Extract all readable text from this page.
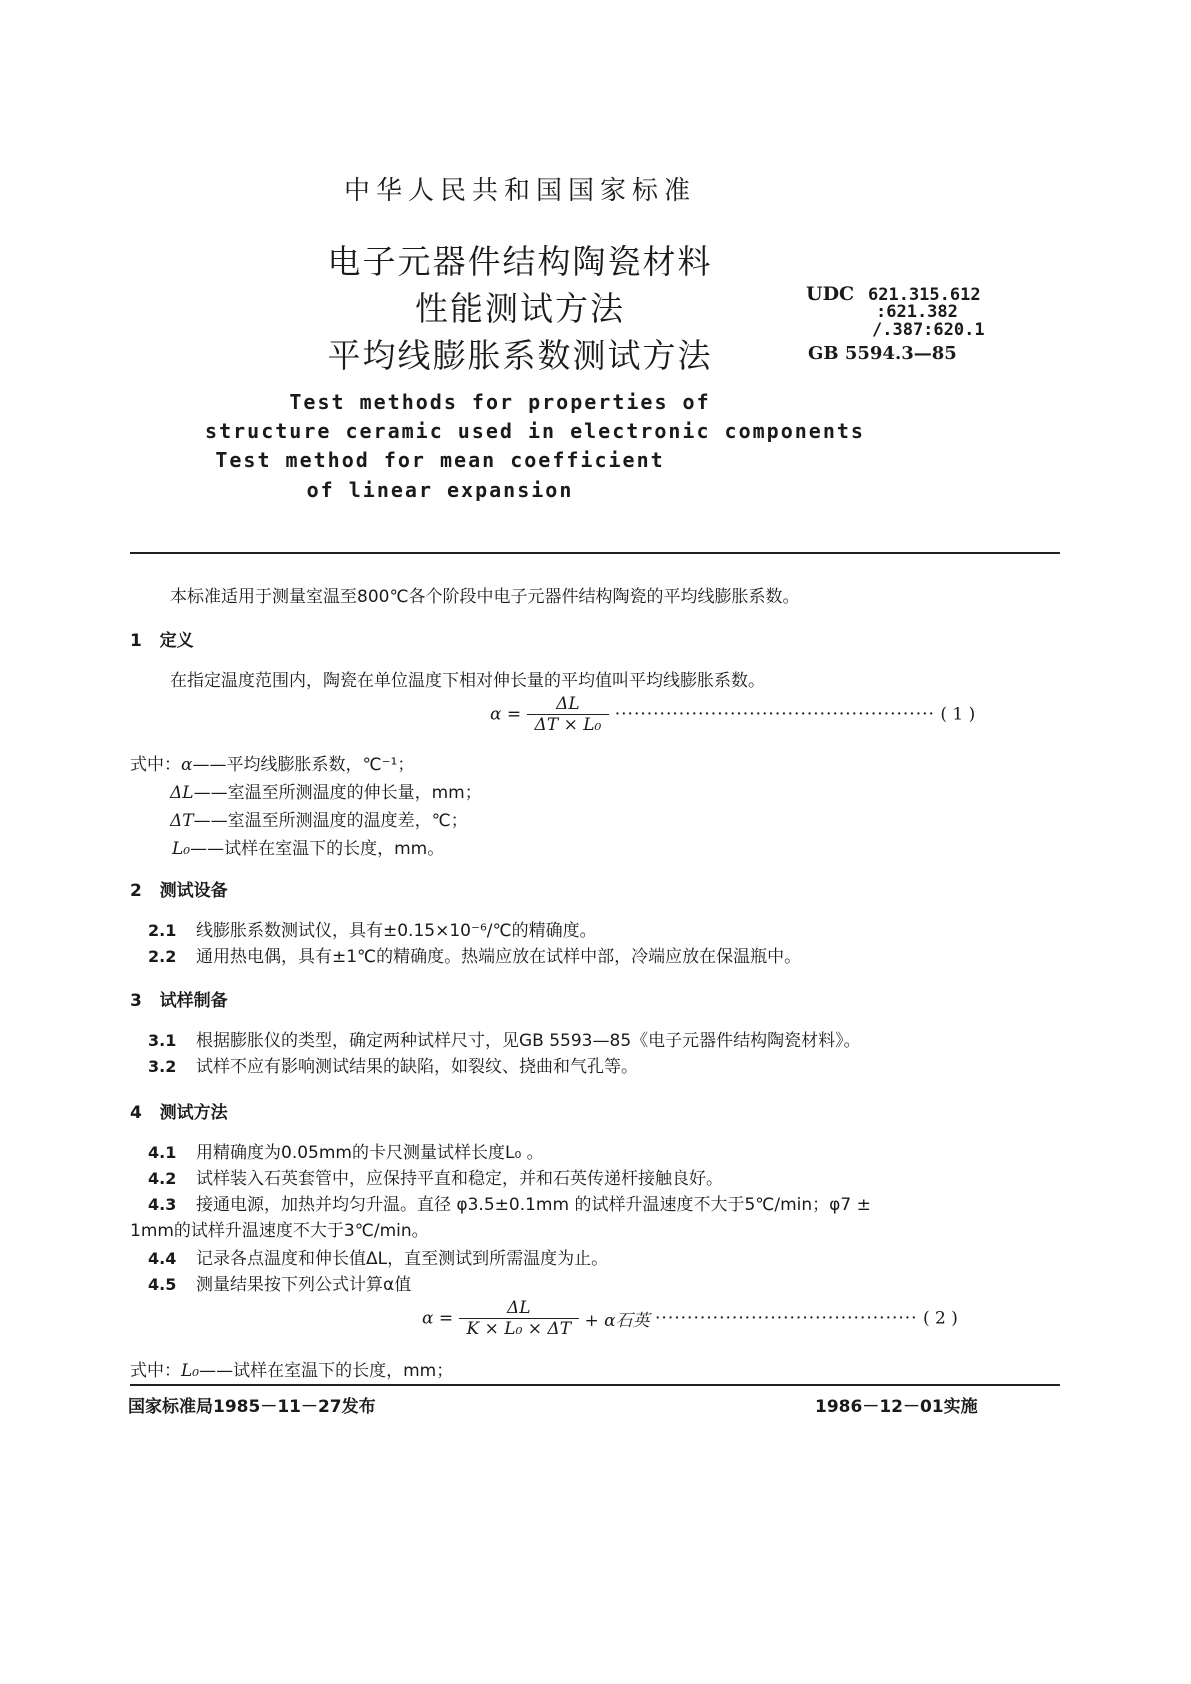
中华人民共和国国家标准
电子元器件结构陶瓷材料
性能测试方法
平均线膨胀系数测试方法
UDC 621.315.612
:621.382
/.387:620.1
GB 5594.3—85
Test methods for properties of
structure ceramic used in electronic components
Test method for mean coefficient
of linear expansion
本标准适用于测量室温至800℃各个阶段中电子元器件结构陶瓷的平均线膨胀系数。
1 定义
在指定温度范围内，陶瓷在单位温度下相对伸长量的平均值叫平均线膨胀系数。
$\alpha = \frac{\Delta L}{\text{ΔT × L₀}}$ ·················································· ( 1 )
式中：α——平均线膨胀系数，℃⁻¹；
ΔL——室温至所测温度的伸长量，mm；
ΔT——室温至所测温度的温度差，℃；
L₀——试样在室温下的长度，mm。
2 测试设备
2.1 线膨胀系数测试仪，具有±0.15×10⁻⁶/℃的精确度。
2.2 通用热电偶，具有±1℃的精确度。热端应放在试样中部，冷端应放在保温瓶中。
3 试样制备
3.1 根据膨胀仪的类型，确定两种试样尺寸，见GB 5593—85《电子元器件结构陶瓷材料》。
3.2 试样不应有影响测试结果的缺陷，如裂纹、挠曲和气孔等。
4 测试方法
4.1 用精确度为0.05mm的卡尺测量试样长度L₀ 。
4.2 试样装入石英套管中，应保持平直和稳定，并和石英传递杆接触良好。
4.3 接通电源，加热并均匀升温。直径 φ3.5±0.1mm 的试样升温速度不大于5℃/min；φ7 ±
1mm的试样升温速度不大于3℃/min。
4.4 记录各点温度和伸长值ΔL，直至测试到所需温度为止。
4.5 测量结果按下列公式计算α值
$\alpha = \frac{\Delta L}{\text{K × L₀ × ΔT}} + \alpha$石英 ········································· ( 2 )
式中：L₀——试样在室温下的长度，mm；
国家标准局1985－11－27发布	1986－12－01实施
